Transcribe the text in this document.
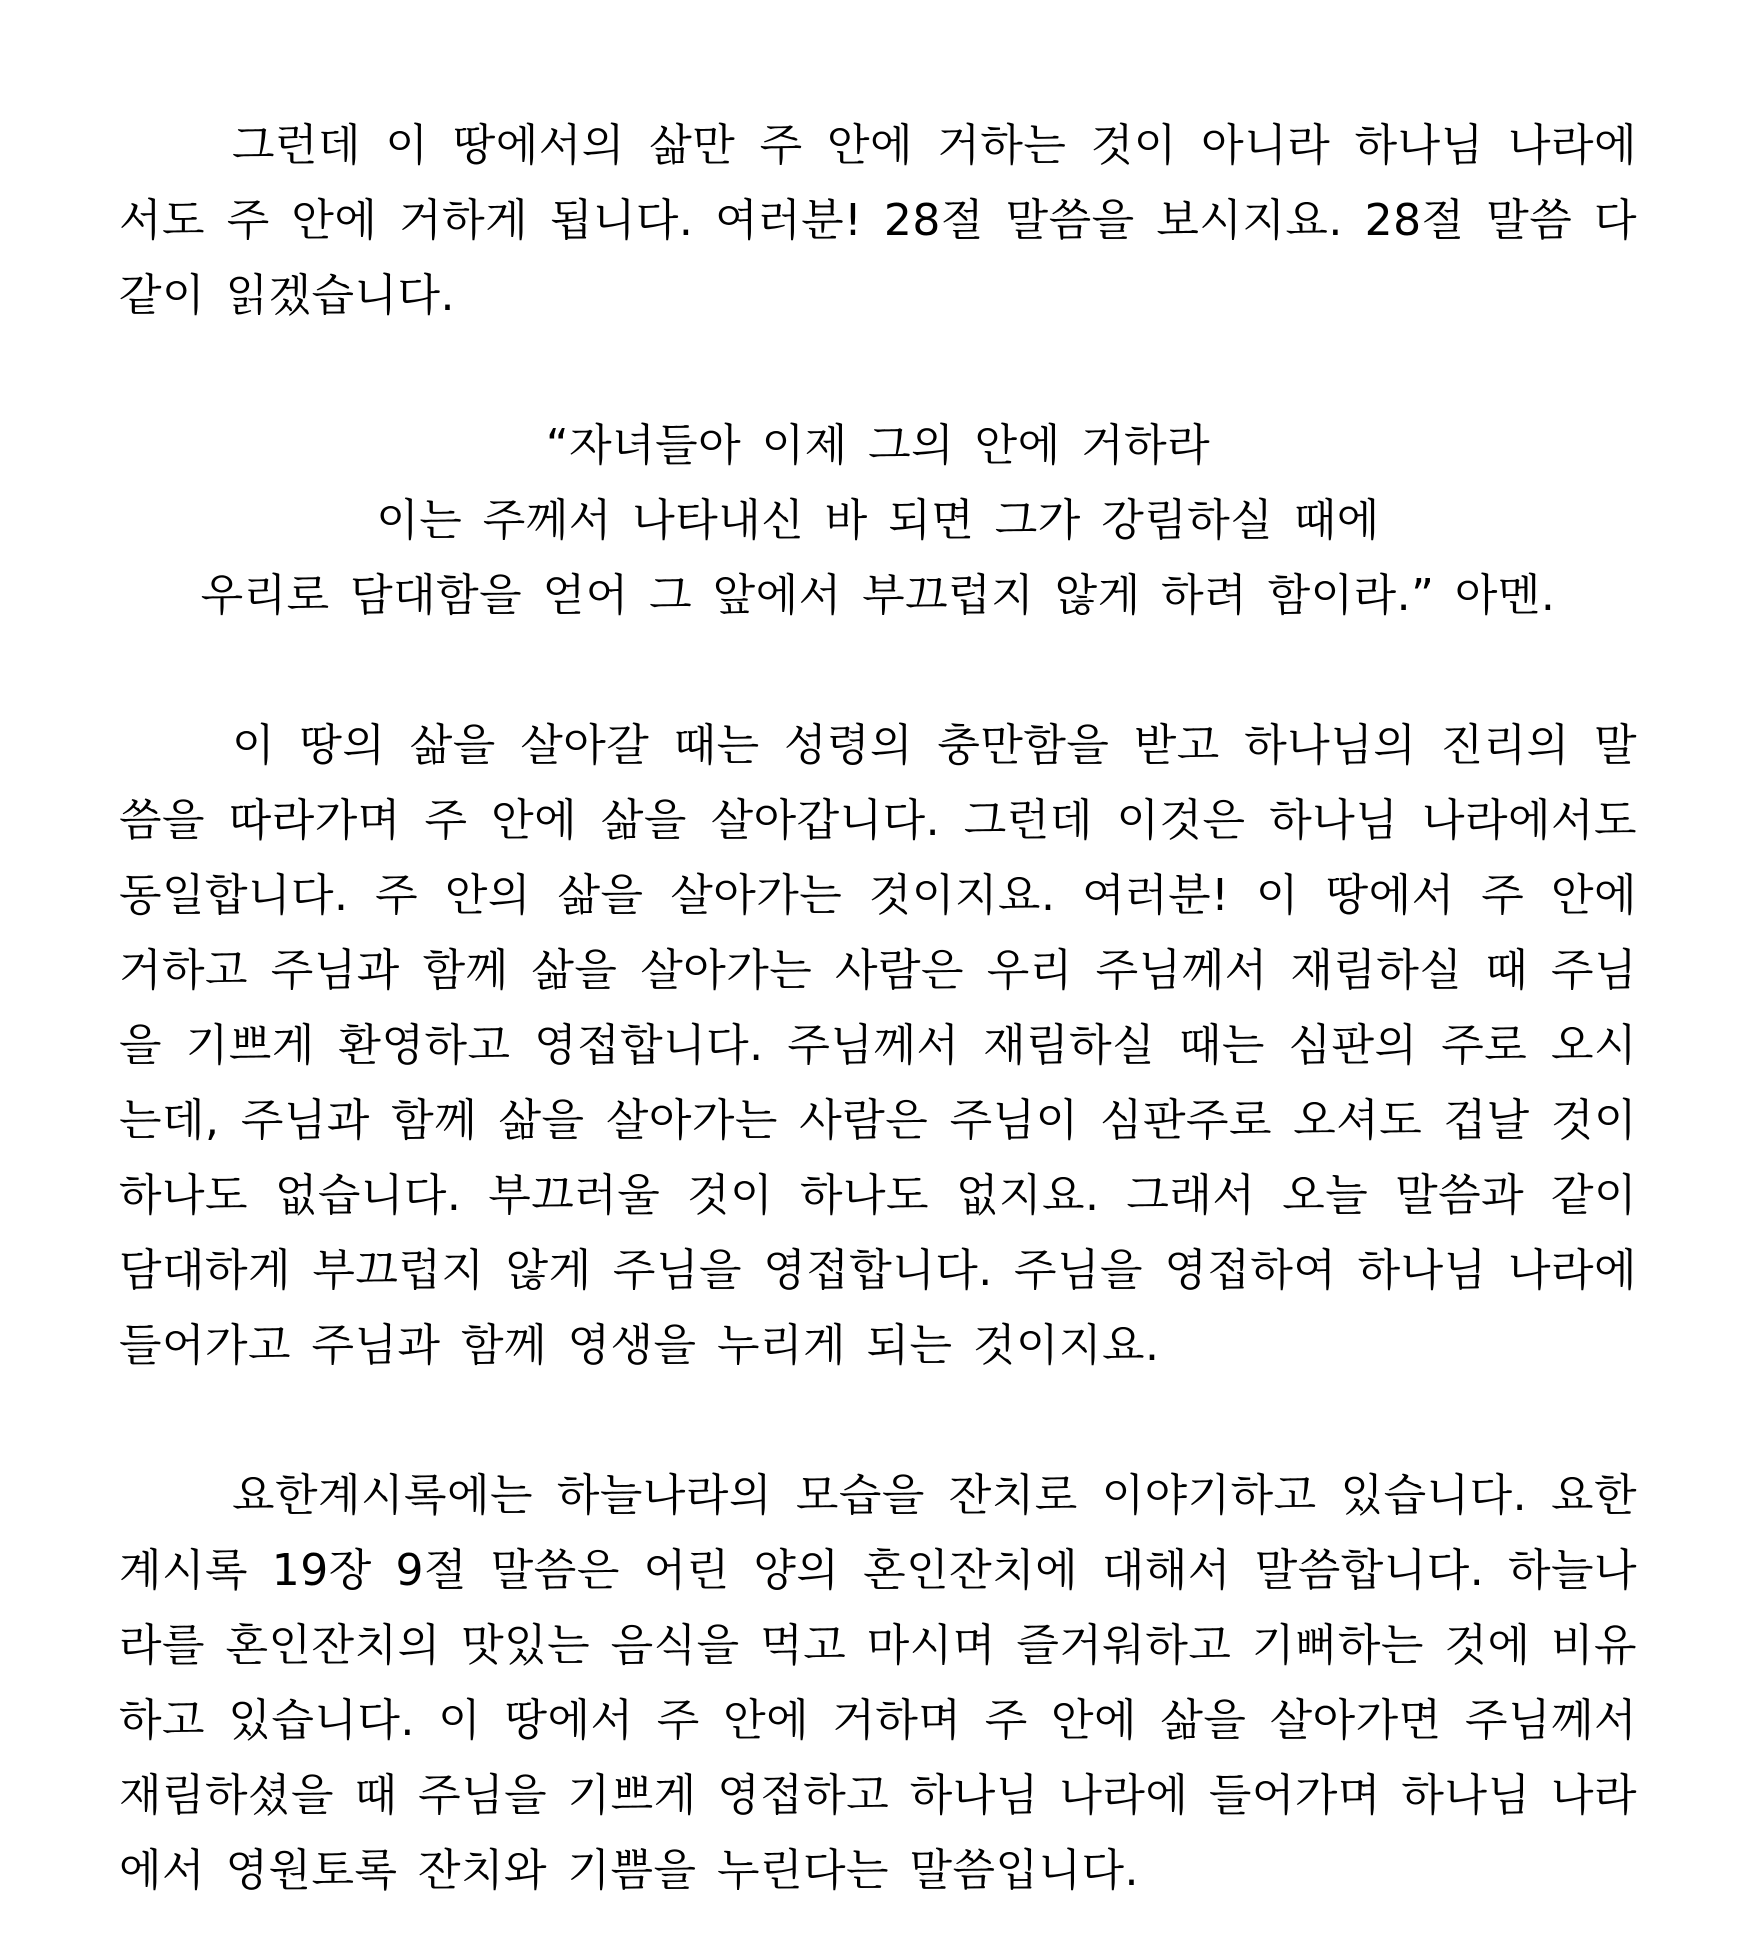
그런데 이 땅에서의 삶만 주 안에 거하는 것이 아니라 하나님 나라에서도 주 안에 거하게 됩니다. 여러분! 28절 말씀을 보시지요. 28절 말씀 다 같이 읽겠습니다.

“자녀들아 이제 그의 안에 거하라
이는 주께서 나타내신 바 되면 그가 강림하실 때에
우리로 담대함을 얻어 그 앞에서 부끄럽지 않게 하려 함이라.” 아멘.

이 땅의 삶을 살아갈 때는 성령의 충만함을 받고 하나님의 진리의 말씀을 따라가며 주 안에 삶을 살아갑니다. 그런데 이것은 하나님 나라에서도 동일합니다. 주 안의 삶을 살아가는 것이지요. 여러분! 이 땅에서 주 안에 거하고 주님과 함께 삶을 살아가는 사람은 우리 주님께서 재림하실 때 주님을 기쁘게 환영하고 영접합니다. 주님께서 재림하실 때는 심판의 주로 오시는데, 주님과 함께 삶을 살아가는 사람은 주님이 심판주로 오셔도 겁날 것이 하나도 없습니다. 부끄러울 것이 하나도 없지요. 그래서 오늘 말씀과 같이 담대하게 부끄럽지 않게 주님을 영접합니다. 주님을 영접하여 하나님 나라에 들어가고 주님과 함께 영생을 누리게 되는 것이지요.

요한계시록에는 하늘나라의 모습을 잔치로 이야기하고 있습니다. 요한계시록 19장 9절 말씀은 어린 양의 혼인잔치에 대해서 말씀합니다. 하늘나라를 혼인잔치의 맛있는 음식을 먹고 마시며 즐거워하고 기뻐하는 것에 비유하고 있습니다. 이 땅에서 주 안에 거하며 주 안에 삶을 살아가면 주님께서 재림하셨을 때 주님을 기쁘게 영접하고 하나님 나라에 들어가며 하나님 나라에서 영원토록 잔치와 기쁨을 누린다는 말씀입니다.
